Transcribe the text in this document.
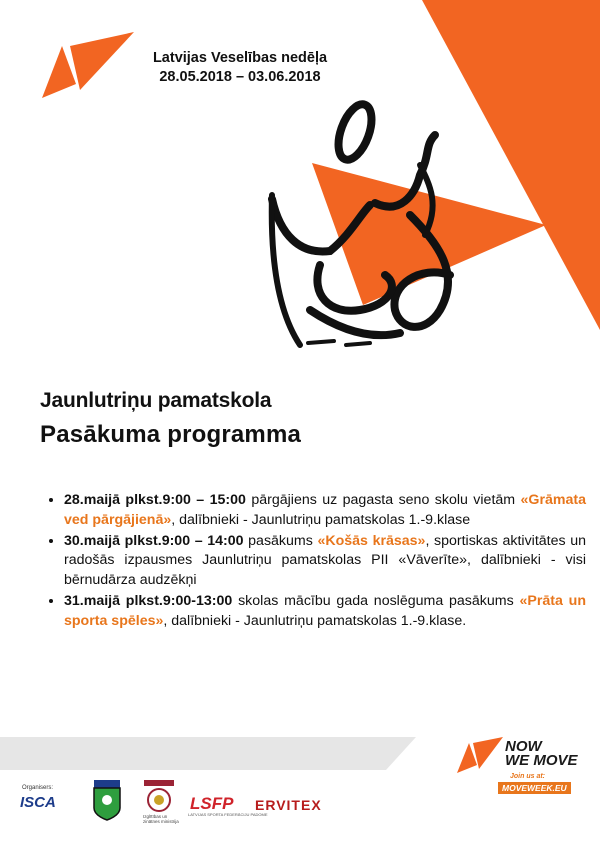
Latvijas Veselības nedēļa
28.05.2018 – 03.06.2018
Jaunlutriņu pamatskola
Pasākuma programma
• 28.maijā plkst.9:00 – 15:00 pārgājiens uz pagasta seno skolu vietām «Grāmata ved pārgājienā», dalībnieki - Jaunlutriņu pamatskolas 1.-9.klase
• 30.maijā plkst.9:00 – 14:00 pasākums «Košās krāsas», sportiskas aktivitātes un radošās izpausmes Jaunlutriņu pamatskolas PII «Vāverīte», dalībnieki - visi bērnudārza audzēkņi
• 31.maijā plkst.9:00-13:00 skolas mācību gada noslēguma pasākums «Prāta un sporta spēles», dalībnieki - Jaunlutriņu pamatskolas 1.-9.klase.
NOW
WE MOVE
Join us at:
MOVEWEEK.EU
Organisers:
ISCA
Izglītības un zinātnes ministrija
LSFP
LATVIJAS SPORTA FEDERĀCIJU PADOME
ERVITEX
